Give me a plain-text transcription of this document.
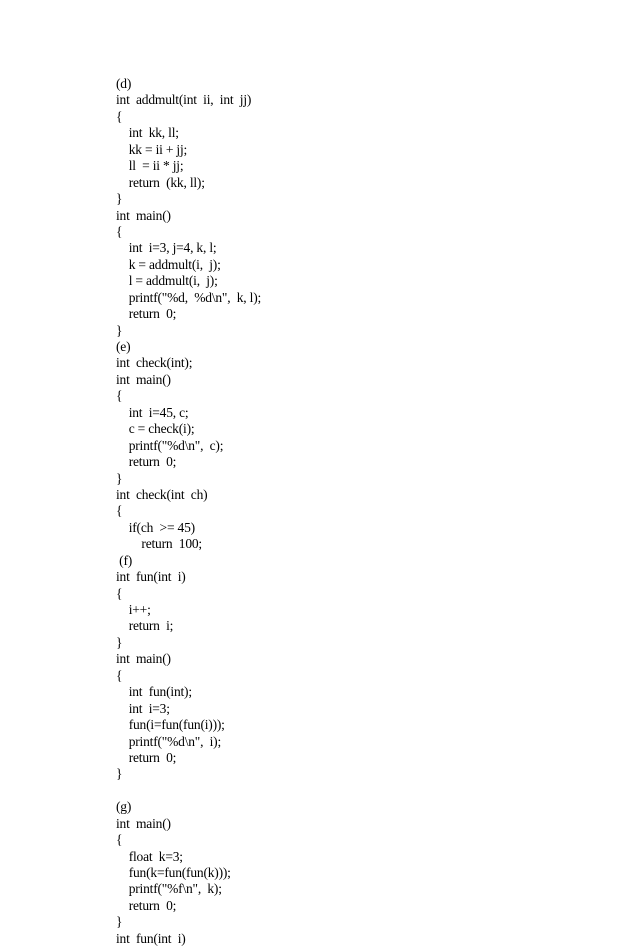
(d)
int  addmult(int  ii,  int  jj)
{
int  kk, ll;
kk = ii + jj;
ll  = ii * jj;
return  (kk, ll);
}
int  main()
{
int  i=3, j=4, k, l;
k = addmult(i,  j);
l = addmult(i,  j);
printf("%d,  %d\n",  k, l);
return  0;
}
(e)
int  check(int);
int  main()
{
int  i=45, c;
c = check(i);
printf("%d\n",  c);
return  0;
}
int  check(int  ch)
{
if(ch  >= 45)
return  100;
(f)
int  fun(int  i)
{
i++;
return  i;
}
int  main()
{
int  fun(int);
int  i=3;
fun(i=fun(fun(i)));
printf("%d\n",  i);
return  0;
}
(g)
int  main()
{
float  k=3;
fun(k=fun(fun(k)));
printf("%f\n",  k);
return  0;
}
int  fun(int  i)
